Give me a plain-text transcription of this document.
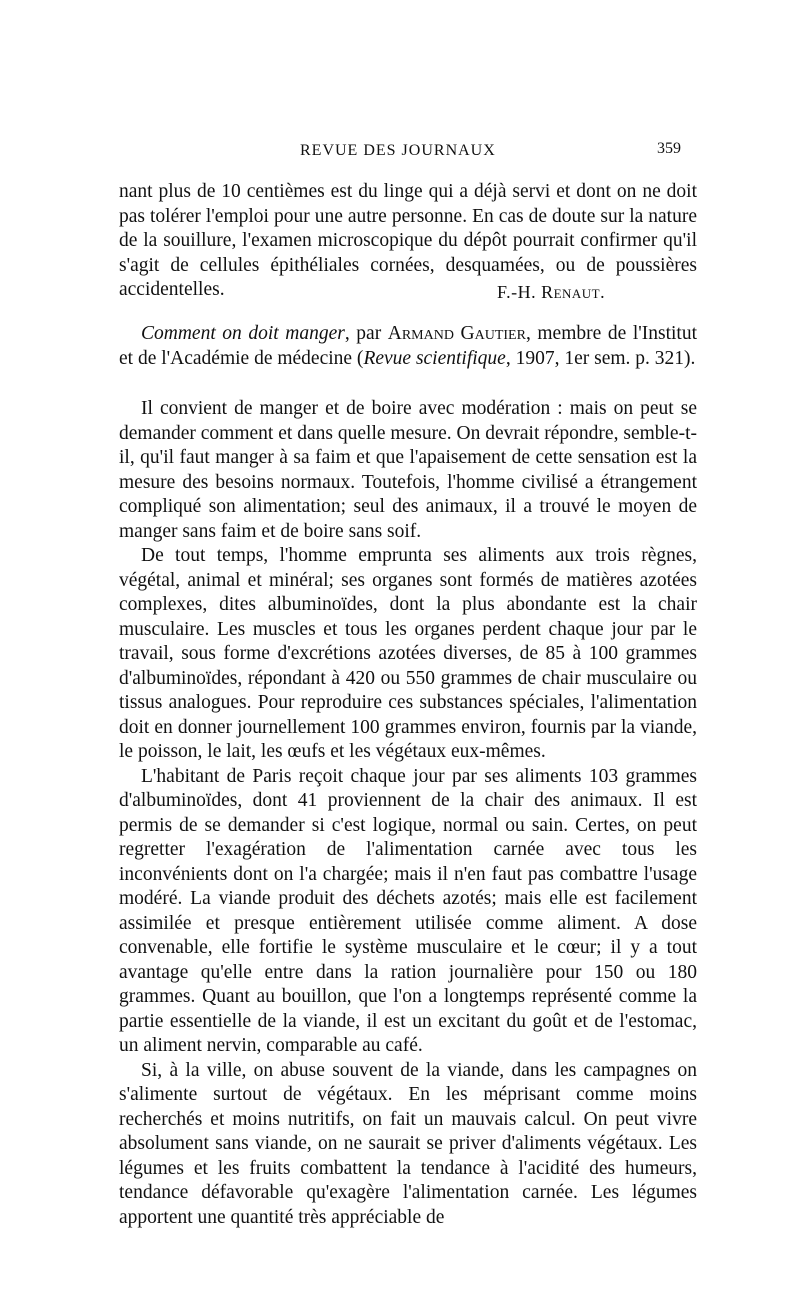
REVUE DES JOURNAUX	359

nant plus de 10 centièmes est du linge qui a déjà servi et dont on ne doit pas tolérer l'emploi pour une autre personne. En cas de doute sur la nature de la souillure, l'examen microscopique du dépôt pourrait confirmer qu'il s'agit de cellules épithéliales cornées, desquamées, ou de poussières accidentelles.	F.-H. Renaut.

Comment on doit manger, par Armand Gautier, membre de l'Institut et de l'Académie de médecine (Revue scientifique, 1907, 1er sem. p. 321).

Il convient de manger et de boire avec modération : mais on peut se demander comment et dans quelle mesure. On devrait répondre, semble-t-il, qu'il faut manger à sa faim et que l'apaisement de cette sensation est la mesure des besoins normaux. Toutefois, l'homme civilisé a étrangement compliqué son alimentation; seul des animaux, il a trouvé le moyen de manger sans faim et de boire sans soif.

De tout temps, l'homme emprunta ses aliments aux trois règnes, végétal, animal et minéral; ses organes sont formés de matières azotées complexes, dites albuminoïdes, dont la plus abondante est la chair musculaire. Les muscles et tous les organes perdent chaque jour par le travail, sous forme d'excrétions azotées diverses, de 85 à 100 grammes d'albuminoïdes, répondant à 420 ou 550 grammes de chair musculaire ou tissus analogues. Pour reproduire ces substances spéciales, l'alimentation doit en donner journellement 100 grammes environ, fournis par la viande, le poisson, le lait, les œufs et les végétaux eux-mêmes.

L'habitant de Paris reçoit chaque jour par ses aliments 103 grammes d'albuminoïdes, dont 41 proviennent de la chair des animaux. Il est permis de se demander si c'est logique, normal ou sain. Certes, on peut regretter l'exagération de l'alimentation carnée avec tous les inconvénients dont on l'a chargée; mais il n'en faut pas combattre l'usage modéré. La viande produit des déchets azotés; mais elle est facilement assimilée et presque entièrement utilisée comme aliment. A dose convenable, elle fortifie le système musculaire et le cœur; il y a tout avantage qu'elle entre dans la ration journalière pour 150 ou 180 grammes. Quant au bouillon, que l'on a longtemps représenté comme la partie essentielle de la viande, il est un excitant du goût et de l'estomac, un aliment nervin, comparable au café.

Si, à la ville, on abuse souvent de la viande, dans les campagnes on s'alimente surtout de végétaux. En les méprisant comme moins recherchés et moins nutritifs, on fait un mauvais calcul. On peut vivre absolument sans viande, on ne saurait se priver d'aliments végétaux. Les légumes et les fruits combattent la tendance à l'acidité des humeurs, tendance défavorable qu'exagère l'alimentation carnée. Les légumes apportent une quantité très appréciable de
